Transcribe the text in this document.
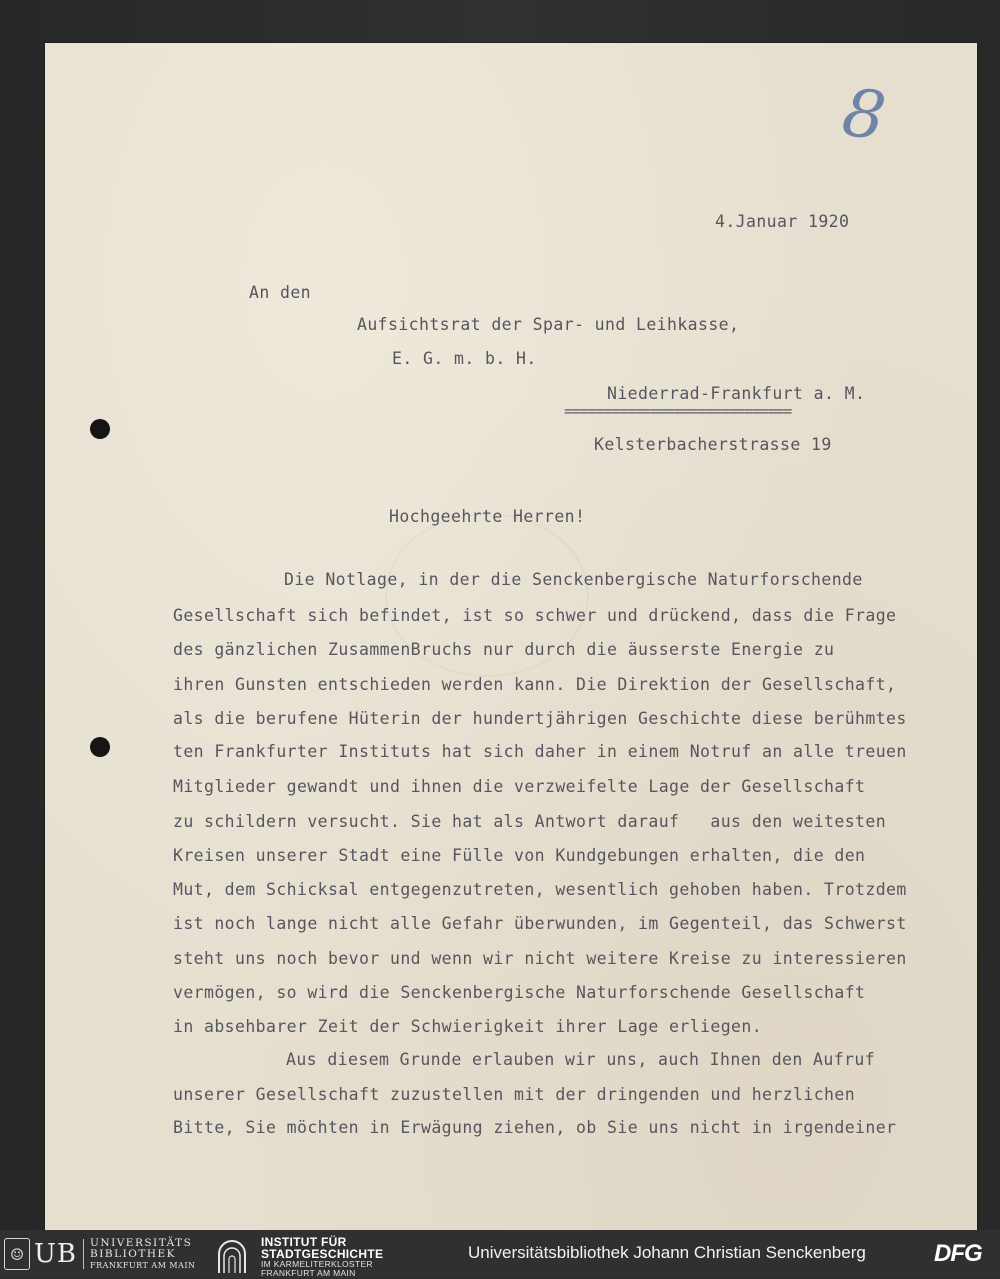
8
4.Januar 1920
An den
Aufsichtsrat der Spar- und Leihkasse,
E. G. m. b. H.
Niederrad-Frankfurt a. M.
=============================
Kelsterbacherstrasse 19
Hochgeehrte Herren!
Die Notlage, in der die Senckenbergische Naturforschende
Gesellschaft sich befindet, ist so schwer und drückend, dass die Frage
des gänzlichen ZusammenBruchs nur durch die äusserste Energie zu
ihren Gunsten entschieden werden kann. Die Direktion der Gesellschaft,
als die berufene Hüterin der hundertjährigen Geschichte diese berühmtes
ten Frankfurter Instituts hat sich daher in einem Notruf an alle treuen
Mitglieder gewandt und ihnen die verzweifelte Lage der Gesellschaft
zu schildern versucht. Sie hat als Antwort darauf   aus den weitesten
Kreisen unserer Stadt eine Fülle von Kundgebungen erhalten, die den
Mut, dem Schicksal entgegenzutreten, wesentlich gehoben haben. Trotzdem
ist noch lange nicht alle Gefahr überwunden, im Gegenteil, das Schwerst
steht uns noch bevor und wenn wir nicht weitere Kreise zu interessieren
vermögen, so wird die Senckenbergische Naturforschende Gesellschaft
in absehbarer Zeit der Schwierigkeit ihrer Lage erliegen.
Aus diesem Grunde erlauben wir uns, auch Ihnen den Aufruf
unserer Gesellschaft zuzustellen mit der dringenden und herzlichen
Bitte, Sie möchten in Erwägung ziehen, ob Sie uns nicht in irgendeiner
☺ UB UNIVERSITÄTS
BIBLIOTHEK
FRANKFURT AM MAIN
INSTITUT FÜR
STADTGESCHICHTE
IM KARMELITERKLOSTER
FRANKFURT AM MAIN
Universitätsbibliothek Johann Christian Senckenberg	DFG
